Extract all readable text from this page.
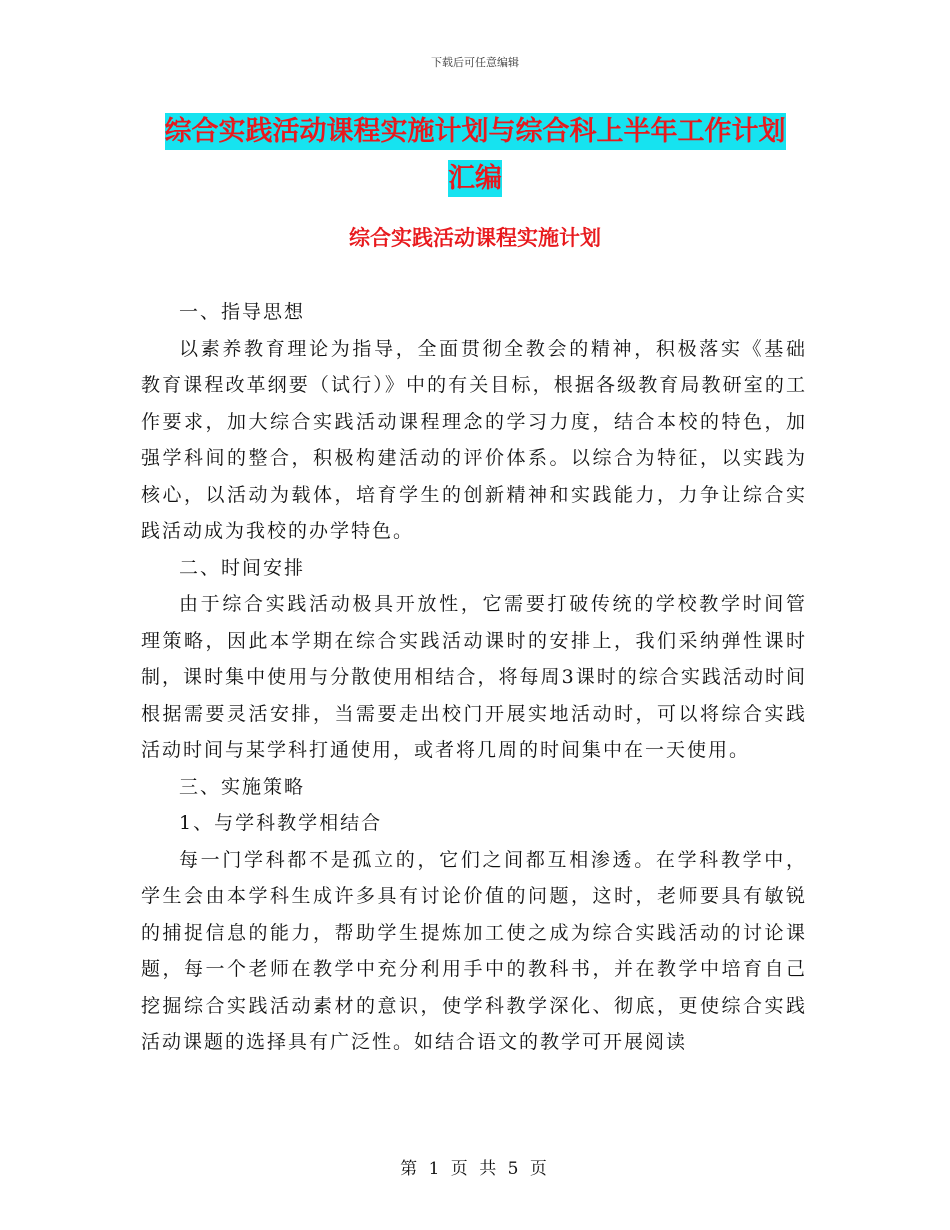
下载后可任意编辑
综合实践活动课程实施计划与综合科上半年工作计划
汇编
综合实践活动课程实施计划

一、指导思想

以素养教育理论为指导，全面贯彻全教会的精神，积极落实《基础教育课程改革纲要（试行）》中的有关目标，根据各级教育局教研室的工作要求，加大综合实践活动课程理念的学习力度，结合本校的特色，加强学科间的整合，积极构建活动的评价体系。以综合为特征，以实践为核心，以活动为载体，培育学生的创新精神和实践能力，力争让综合实践活动成为我校的办学特色。

二、时间安排

由于综合实践活动极具开放性，它需要打破传统的学校教学时间管理策略，因此本学期在综合实践活动课时的安排上，我们采纳弹性课时制，课时集中使用与分散使用相结合，将每周3课时的综合实践活动时间根据需要灵活安排，当需要走出校门开展实地活动时，可以将综合实践活动时间与某学科打通使用，或者将几周的时间集中在一天使用。

三、实施策略

1、与学科教学相结合

每一门学科都不是孤立的，它们之间都互相渗透。在学科教学中，学生会由本学科生成许多具有讨论价值的问题，这时，老师要具有敏锐的捕捉信息的能力，帮助学生提炼加工使之成为综合实践活动的讨论课题，每一个老师在教学中充分利用手中的教科书，并在教学中培育自己挖掘综合实践活动素材的意识，使学科教学深化、彻底，更使综合实践活动课题的选择具有广泛性。如结合语文的教学可开展阅读

第 1 页 共 5 页
